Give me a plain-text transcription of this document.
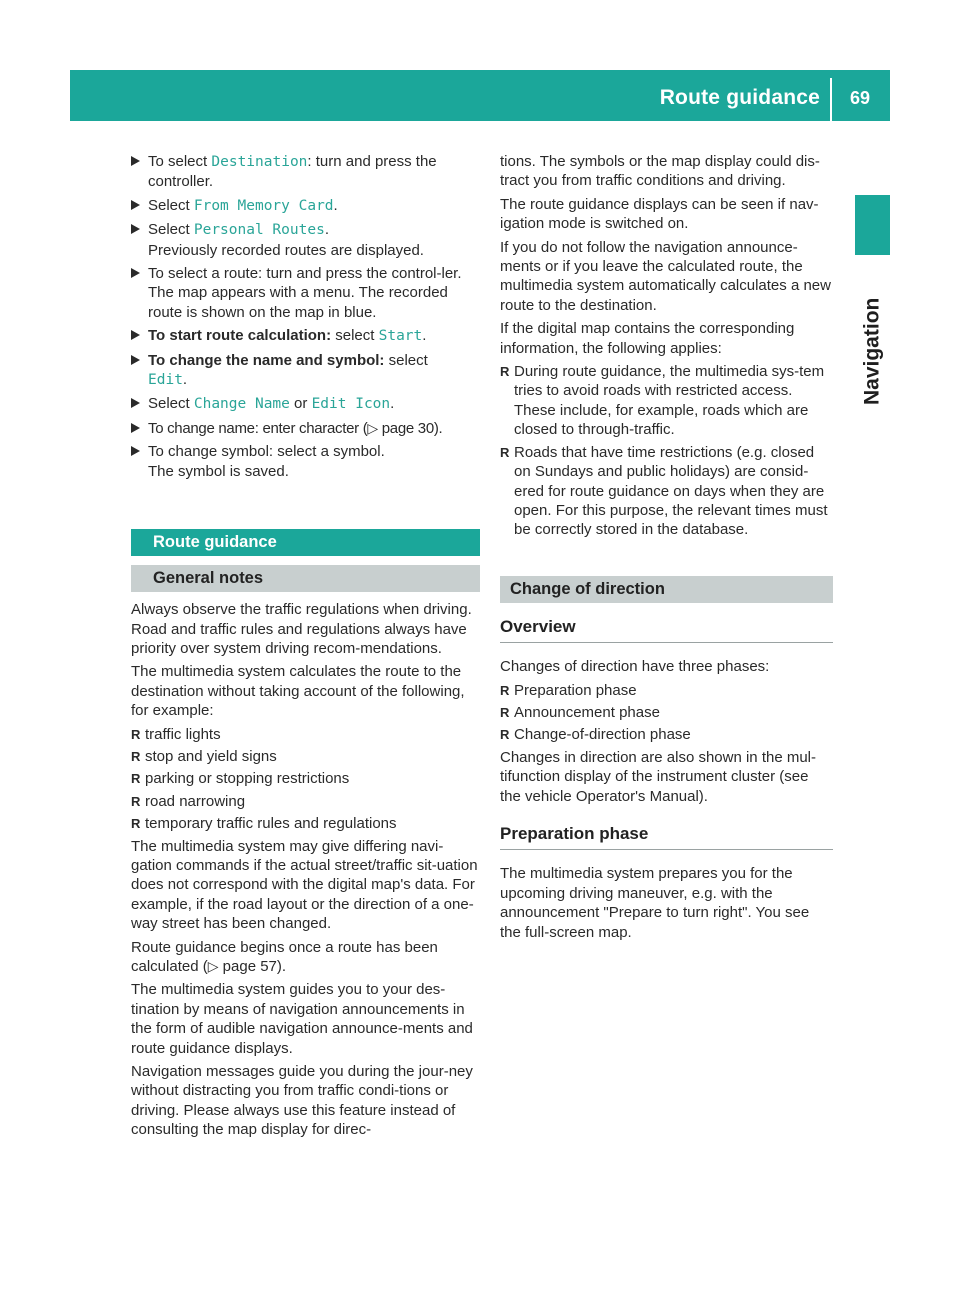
Route guidance 69
Navigation
To select Destination: turn and press the controller.
Select From Memory Card.
Select Personal Routes.
Previously recorded routes are displayed.
To select a route: turn and press the control-ler.
The map appears with a menu. The recorded route is shown on the map in blue.
To start route calculation: select Start.
To change the name and symbol: select
Edit.
Select Change Name or Edit Icon.
To change name: enter character (▷ page 30).
To change symbol: select a symbol.
The symbol is saved.
Route guidance
General notes

Always observe the traffic regulations when driving. Road and traffic rules and regulations always have priority over system driving recom-mendations.

The multimedia system calculates the route to the destination without taking account of the following, for example:

R traffic lights
R stop and yield signs
R parking or stopping restrictions
R road narrowing
R temporary traffic rules and regulations

The multimedia system may give differing navi-gation commands if the actual street/traffic sit-uation does not correspond with the digital map's data. For example, if the road layout or the direction of a one-way street has been changed.

Route guidance begins once a route has been calculated (▷ page 57).

The multimedia system guides you to your des-tination by means of navigation announcements in the form of audible navigation announce-ments and route guidance displays.

Navigation messages guide you during the jour-ney without distracting you from traffic condi-tions or driving. Please always use this feature instead of consulting the map display for direc-

tions. The symbols or the map display could dis-tract you from traffic conditions and driving.

The route guidance displays can be seen if nav-igation mode is switched on.

If you do not follow the navigation announce-ments or if you leave the calculated route, the multimedia system automatically calculates a new route to the destination.

If the digital map contains the corresponding information, the following applies:

R During route guidance, the multimedia sys-tem tries to avoid roads with restricted access. These include, for example, roads which are closed to through-traffic.
R Roads that have time restrictions (e.g. closed on Sundays and public holidays) are consid-ered for route guidance on days when they are open. For this purpose, the relevant times must be correctly stored in the database.
Change of direction
Overview

Changes of direction have three phases:

R Preparation phase
R Announcement phase
R Change-of-direction phase

Changes in direction are also shown in the mul-tifunction display of the instrument cluster (see the vehicle Operator's Manual).

Preparation phase

The multimedia system prepares you for the upcoming driving maneuver, e.g. with the announcement "Prepare to turn right". You see the full-screen map.
